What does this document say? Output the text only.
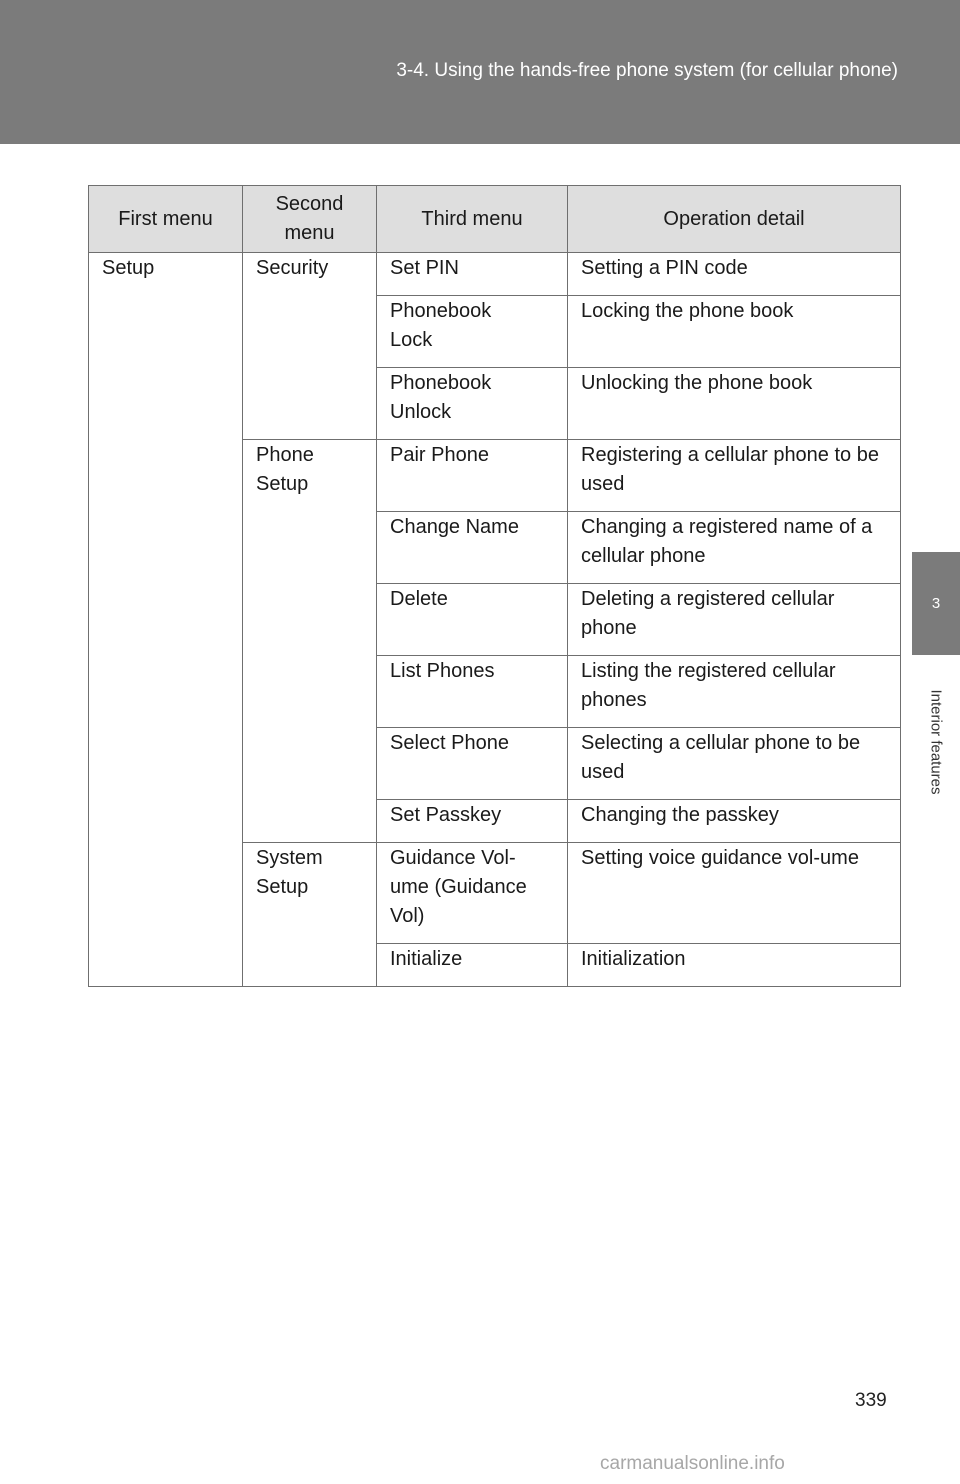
3-4. Using the hands-free phone system (for cellular phone)
3
Interior features
First menu	Second menu	Third menu	Operation detail
Setup	Security	Set PIN	Setting a PIN code
		Phonebook Lock	Locking the phone book
		Phonebook Unlock	Unlocking the phone book
	Phone Setup	Pair Phone	Registering a cellular phone to be used
		Change Name	Changing a registered name of a cellular phone
		Delete	Deleting a registered cellular phone
		List Phones	Listing the registered cellular phones
		Select Phone	Selecting a cellular phone to be used
		Set Passkey	Changing the passkey
	System Setup	Guidance Vol-ume (Guidance Vol)	Setting voice guidance vol-ume
		Initialize	Initialization
339
carmanualsonline.info
